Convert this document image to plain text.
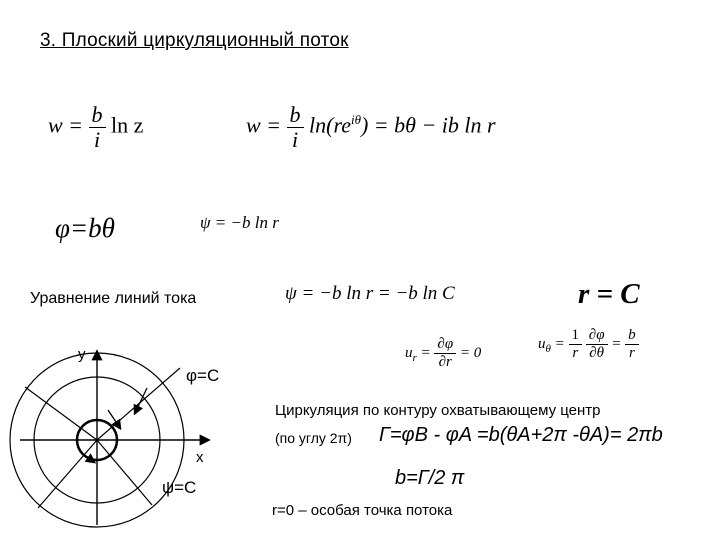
3. Плоский циркуляционный поток
$w = \frac{b}{i}$ ln z	$w = \frac{b}{i} \ln(re^{i\theta}) = b\theta$ − ib ln r
φ=bθ	ψ = −b ln r
Уравнение линий тока	ψ = −b ln r = −b ln C	r = C
$u_r = \frac{\partial\varphi}{\partial r} = 0$
$u_\theta = \frac{1}{r}$
$\frac{\partial\varphi}{\partial\theta} = \frac{b}{r}$
y
x
φ=C
ψ=C
Циркуляция по контуру охватывающему центр
(по углу 2π) Г=φB - φA =b(θA+2π -θA)= 2πb
b=Г/2 π
r=0 – особая точка потока
